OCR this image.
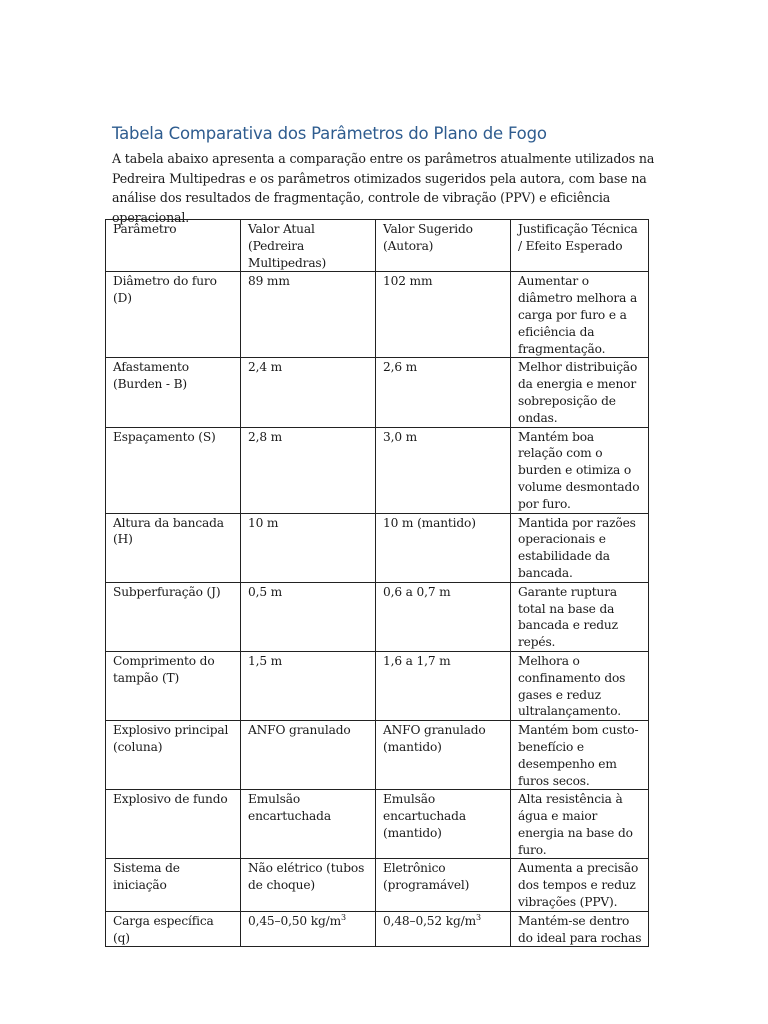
Tabela Comparativa dos Parâmetros do Plano de Fogo
A tabela abaixo apresenta a comparação entre os parâmetros atualmente utilizados na Pedreira Multipedras e os parâmetros otimizados sugeridos pela autora, com base na análise dos resultados de fragmentação, controle de vibração (PPV) e eficiência operacional.
Parâmetro	Valor Atual (Pedreira Multipedras)	Valor Sugerido (Autora)	Justificação Técnica / Efeito Esperado
Diâmetro do furo (D)	89 mm	102 mm	Aumentar o diâmetro melhora a carga por furo e a eficiência da fragmentação.
Afastamento (Burden - B)	2,4 m	2,6 m	Melhor distribuição da energia e menor sobreposição de ondas.
Espaçamento (S)	2,8 m	3,0 m	Mantém boa relação com o burden e otimiza o volume desmontado por furo.
Altura da bancada (H)	10 m	10 m (mantido)	Mantida por razões operacionais e estabilidade da bancada.
Subperfuração (J)	0,5 m	0,6 a 0,7 m	Garante ruptura total na base da bancada e reduz repés.
Comprimento do tampão (T)	1,5 m	1,6 a 1,7 m	Melhora o confinamento dos gases e reduz ultralançamento.
Explosivo principal (coluna)	ANFO granulado	ANFO granulado (mantido)	Mantém bom custo-benefício e desempenho em furos secos.
Explosivo de fundo	Emulsão encartuchada	Emulsão encartuchada (mantido)	Alta resistência à água e maior energia na base do furo.
Sistema de iniciação	Não elétrico (tubos de choque)	Eletrônico (programável)	Aumenta a precisão dos tempos e reduz vibrações (PPV).
Carga específica (q)	0,45–0,50 $kg/m^3$	0,48–0,52 $kg/m^3$	Mantém-se dentro do ideal para rochas
